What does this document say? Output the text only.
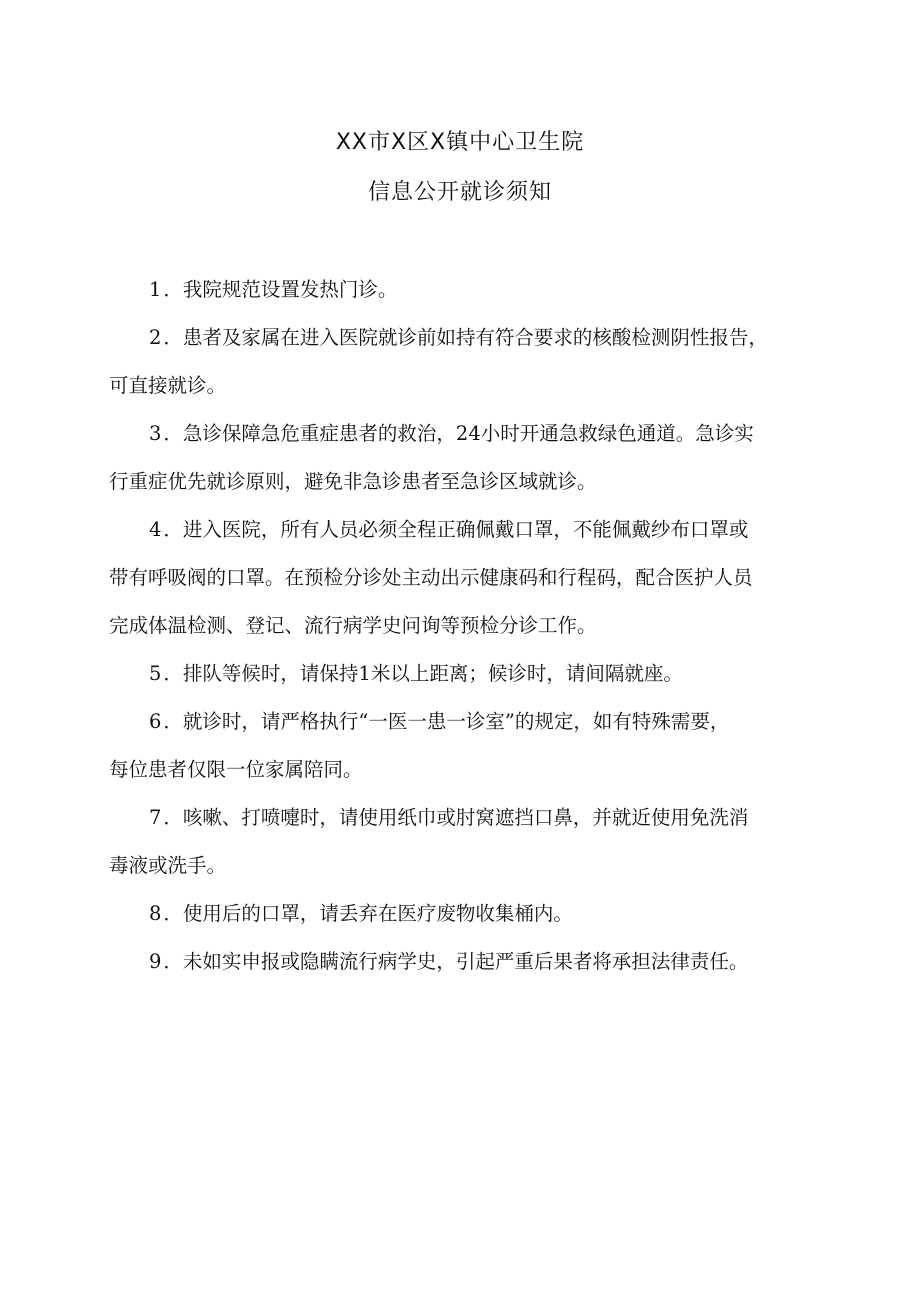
XX市X区X镇中心卫生院
信息公开就诊须知
1 ．我院规范设置发热门诊。
2 ．患者及家属在进入医院就诊前如持有符合要求的核酸检测阴性报告，
可直接就诊。
3 ．急诊保障急危重症患者的救治，24小时开通急救绿色通道。急诊实
行重症优先就诊原则，避免非急诊患者至急诊区域就诊。
4 ．进入医院，所有人员必须全程正确佩戴口罩，不能佩戴纱布口罩或
带有呼吸阀的口罩。在预检分诊处主动出示健康码和行程码，配合医护人员
完成体温检测、登记、流行病学史问询等预检分诊工作。
5 ．排队等候时，请保持1米以上距离；候诊时，请间隔就座。
6 ．就诊时，请严格执行“一医一患一诊室”的规定，如有特殊需要，
每位患者仅限一位家属陪同。
7 ．咳嗽、打喷嚏时，请使用纸巾或肘窝遮挡口鼻，并就近使用免洗消
毒液或洗手。
8 ．使用后的口罩，请丢弃在医疗废物收集桶内。
9 ．未如实申报或隐瞒流行病学史，引起严重后果者将承担法律责任。
